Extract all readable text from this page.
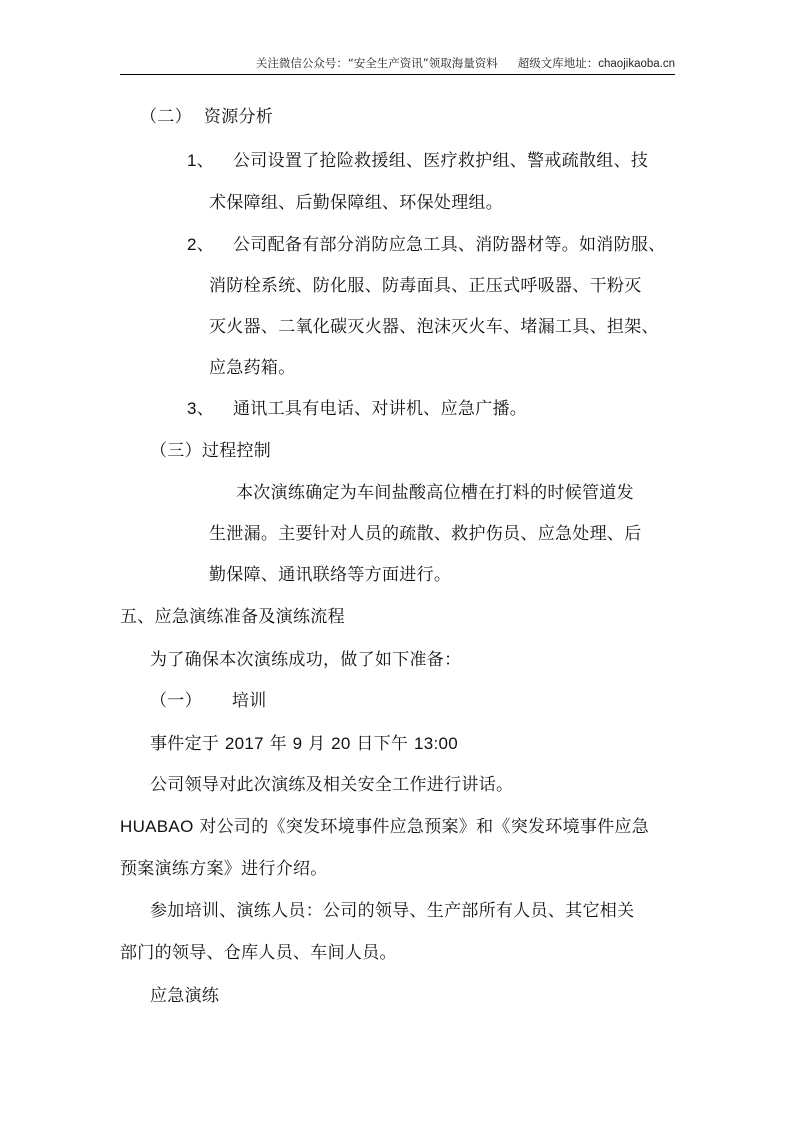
关注微信公众号：“安全生产资讯”领取海量资料 超级文库地址：chaojikaoba.cn
（二） 资源分析
1、 公司设置了抢险救援组、医疗救护组、警戒疏散组、技
术保障组、后勤保障组、环保处理组。
2、 公司配备有部分消防应急工具、消防器材等。如消防服、
消防栓系统、防化服、防毒面具、正压式呼吸器、干粉灭
灭火器、二氧化碳灭火器、泡沫灭火车、堵漏工具、担架、
应急药箱。
3、 通讯工具有电话、对讲机、应急广播。
（三）过程控制
本次演练确定为车间盐酸高位槽在打料的时候管道发
生泄漏。主要针对人员的疏散、救护伤员、应急处理、后
勤保障、通讯联络等方面进行。
五、应急演练准备及演练流程
为了确保本次演练成功，做了如下准备：
（一） 培训
事件定于 2017 年 9 月 20 日下午 13:00
公司领导对此次演练及相关安全工作进行讲话。
HUABAO 对公司的《突发环境事件应急预案》和《突发环境事件应急
预案演练方案》进行介绍。
参加培训、演练人员：公司的领导、生产部所有人员、其它相关
部门的领导、仓库人员、车间人员。
应急演练
